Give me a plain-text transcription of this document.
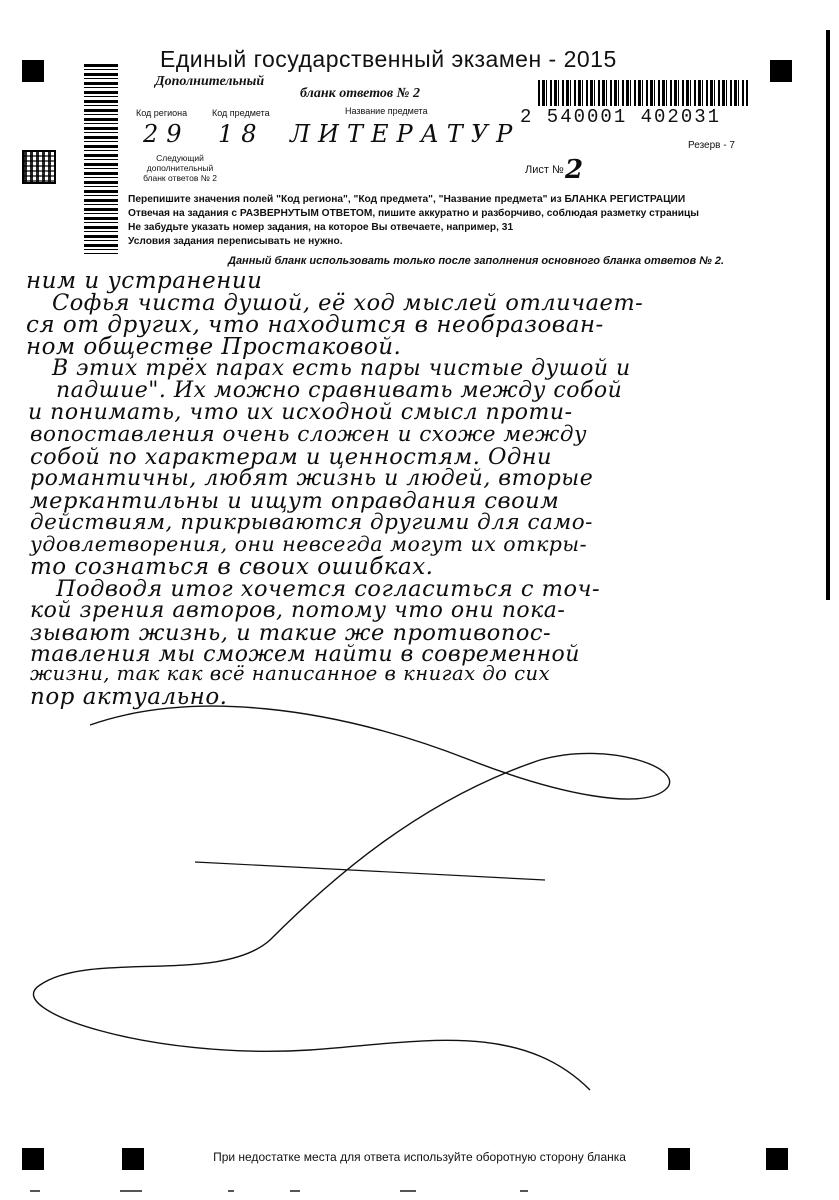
Единый государственный экзамен - 2015
Дополнительный
бланк ответов № 2
Код региона	Код предмета	Название предмета
29 18 ЛИТЕРАТУР
2 540001 402031
Резерв - 7
Следующий дополнительный бланк ответов № 2
Лист № 2
Перепишите значения полей "Код региона", "Код предмета", "Название предмета" из БЛАНКА РЕГИСТРАЦИИ
Отвечая на задания с РАЗВЕРНУТЫМ ОТВЕТОМ, пишите аккуратно и разборчиво, соблюдая разметку страницы
Не забудьте указать номер задания, на которое Вы отвечаете, например, 31
Условия задания переписывать не нужно.
Данный бланк использовать только после заполнения основного бланка ответов № 2.
ним и устранении
Софья чиста душой, её ход мыслей отличает-
ся от других, что находится в необразован-
ном обществе Простаковой.
В этих трёх парах есть пары чистые душой и
падшие". Их можно сравнивать между собой
и понимать, что их исходной смысл проти-
вопоставления очень сложен и схоже между
собой по характерам и ценностям. Одни
романтичны, любят жизнь и людей, вторые
меркантильны и ищут оправдания своим
действиям, прикрываются другими для само-
удовлетворения, они невсегда могут их откры-
то сознаться в своих ошибках.
Подводя итог хочется согласиться с точ-
кой зрения авторов, потому что они пока-
зывают жизнь, и такие же противопос-
тавления мы сможем найти в современной
жизни, так как всё написанное в книгах до сих
пор актуально.
При недостатке места для ответа используйте оборотную сторону бланка
